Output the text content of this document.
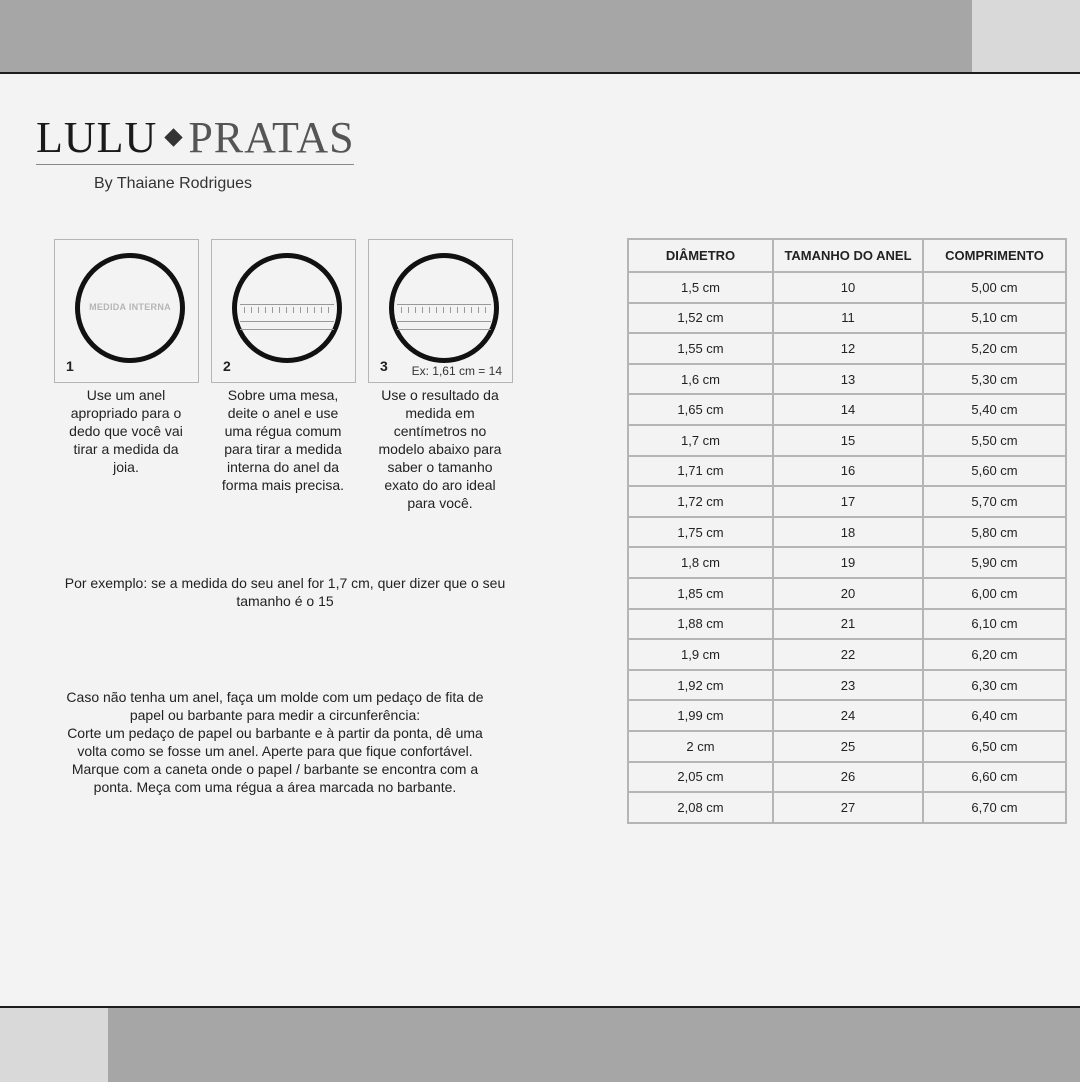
LULU PRATAS
By Thaiane Rodrigues
MEDIDA INTERNA
1
Use um anel apropriado para o dedo que você vai tirar a medida da joia.
2
Sobre uma mesa, deite o anel e use uma régua comum para tirar a medida interna do anel da forma mais precisa.
3 Ex: 1,61 cm = 14
Use o resultado da medida em centímetros no modelo abaixo para saber o tamanho exato do aro ideal para você.
Por exemplo: se a medida do seu anel for 1,7 cm, quer dizer que o seu tamanho é o 15
Caso não tenha um anel, faça um molde com um pedaço de fita de papel ou barbante para medir a circunferência:
Corte um pedaço de papel ou barbante e à partir da ponta, dê uma volta como se fosse um anel. Aperte para que fique confortável.
Marque com a caneta onde o papel / barbante se encontra com a ponta. Meça com uma régua a área marcada no barbante.
DIÂMETRO	TAMANHO DO ANEL	COMPRIMENTO
1,5 cm	10	5,00 cm
1,52 cm	11	5,10 cm
1,55 cm	12	5,20 cm
1,6 cm	13	5,30 cm
1,65 cm	14	5,40 cm
1,7 cm	15	5,50 cm
1,71 cm	16	5,60 cm
1,72 cm	17	5,70 cm
1,75 cm	18	5,80 cm
1,8 cm	19	5,90 cm
1,85 cm	20	6,00 cm
1,88 cm	21	6,10 cm
1,9 cm	22	6,20 cm
1,92 cm	23	6,30 cm
1,99 cm	24	6,40 cm
2 cm	25	6,50 cm
2,05 cm	26	6,60 cm
2,08 cm	27	6,70 cm
